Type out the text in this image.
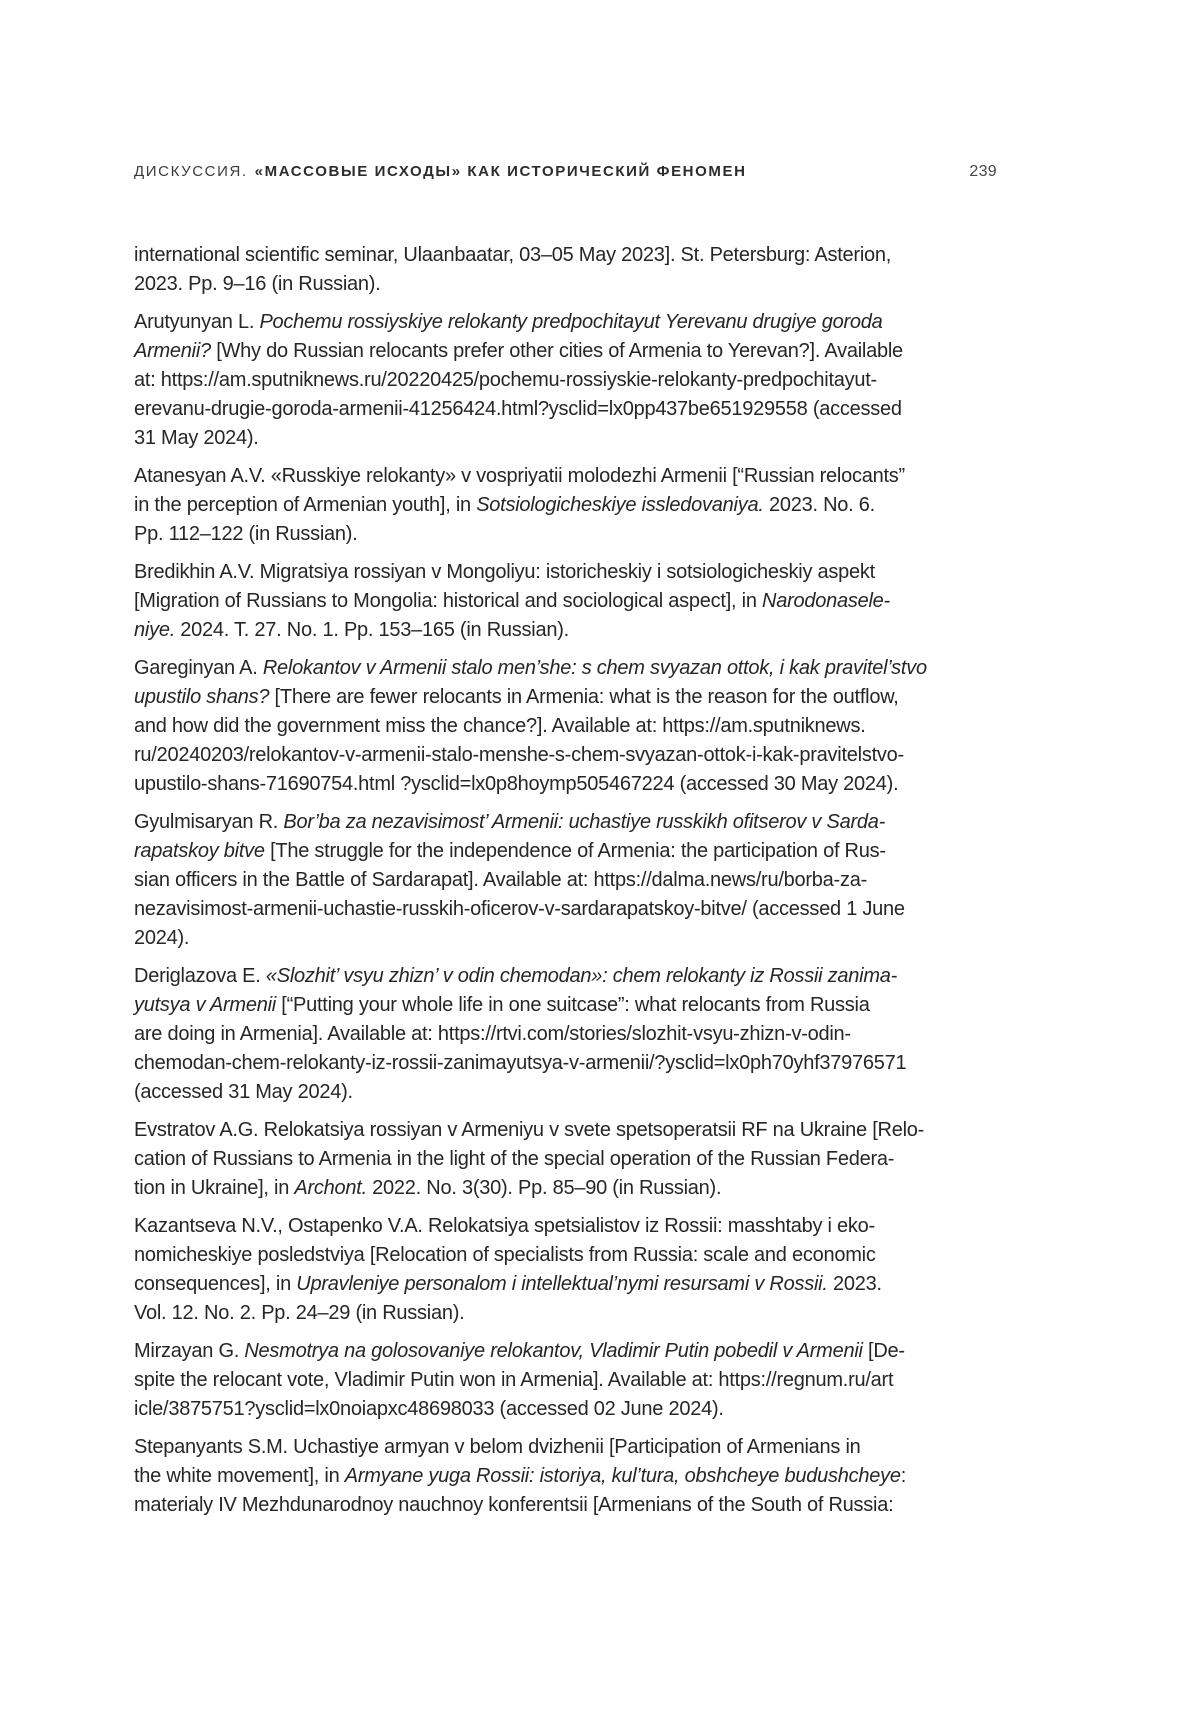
ДИСКУССИЯ. «МАССОВЫЕ ИСХОДЫ» КАК ИСТОРИЧЕСКИЙ ФЕНОМЕН	239
international scientific seminar, Ulaanbaatar, 03–05 May 2023]. St. Petersburg: Asterion,
2023. Pp. 9–16 (in Russian).
Arutyunyan L. Pochemu rossiyskiye relokanty predpochitayut Yerevanu drugiye goroda
Armenii? [Why do Russian relocants prefer other cities of Armenia to Yerevan?]. Available
at: https://am.sputniknews.ru/20220425/pochemu-rossiyskie-relokanty-predpochitayut-
erevanu-drugie-goroda-armenii-41256424.html?ysclid=lx0pp437be651929558 (accessed
31 May 2024).
Atanesyan A.V. «Russkiye relokanty» v vospriyatii molodezhi Armenii [“Russian relocants”
in the perception of Armenian youth], in Sotsiologicheskiye issledovaniya. 2023. No. 6.
Pp. 112–122 (in Russian).
Bredikhin A.V. Migratsiya rossiyan v Mongoliyu: istoricheskiy i sotsiologicheskiy aspekt
[Migration of Russians to Mongolia: historical and sociological aspect], in Narodonasele-
niye. 2024. T. 27. No. 1. Pp. 153–165 (in Russian).
Gareginyan A. Relokantov v Armenii stalo men’she: s chem svyazan ottok, i kak pravitel’stvo
upustilo shans? [There are fewer relocants in Armenia: what is the reason for the outflow,
and how did the government miss the chance?]. Available at: https://am.sputniknews.
ru/20240203/relokantov-v-armenii-stalo-menshe-s-chem-svyazan-ottok-i-kak-pravitelstvo-
upustilo-shans-71690754.html ?ysclid=lx0p8hoymp505467224 (accessed 30 May 2024).
Gyulmisaryan R. Bor’ba za nezavisimost’ Armenii: uchastiye russkikh ofitserov v Sarda-
rapatskoy bitve [The struggle for the independence of Armenia: the participation of Rus-
sian officers in the Battle of Sardarapat]. Available at: https://dalma.news/ru/borba-za-
nezavisimost-armenii-uchastie-russkih-oficerov-v-sardarapatskoy-bitve/ (accessed 1 June
2024).
Deriglazova E. «Slozhit’ vsyu zhizn’ v odin chemodan»: chem relokanty iz Rossii zanima-
yutsya v Armenii [“Putting your whole life in one suitcase”: what relocants from Russia
are doing in Armenia]. Available at: https://rtvi.com/stories/slozhit-vsyu-zhizn-v-odin-
chemodan-chem-relokanty-iz-rossii-zanimayutsya-v-armenii/?ysclid=lx0ph70yhf37976571
(accessed 31 May 2024).
Evstratov A.G. Relokatsiya rossiyan v Armeniyu v svete spetsoperatsii RF na Ukraine [Relo-
cation of Russians to Armenia in the light of the special operation of the Russian Federa-
tion in Ukraine], in Archont. 2022. No. 3(30). Pp. 85–90 (in Russian).
Kazantseva N.V., Ostapenko V.A. Relokatsiya spetsialistov iz Rossii: masshtaby i eko-
nomicheskiye posledstviya [Relocation of specialists from Russia: scale and economic
consequences], in Upravleniye personalom i intellektual’nymi resursami v Rossii. 2023.
Vol. 12. No. 2. Pp. 24–29 (in Russian).
Mirzayan G. Nesmotrya na golosovaniye relokantov, Vladimir Putin pobedil v Armenii [De-
spite the relocant vote, Vladimir Putin won in Armenia]. Available at: https://regnum.ru/art
icle/3875751?ysclid=lx0noiapxc48698033 (accessed 02 June 2024).
Stepanyants S.M. Uchastiye armyan v belom dvizhenii [Participation of Armenians in
the white movement], in Armyane yuga Rossii: istoriya, kul’tura, obshcheye budushcheye:
materialy IV Mezhdunarodnoy nauchnoy konferentsii [Armenians of the South of Russia:
